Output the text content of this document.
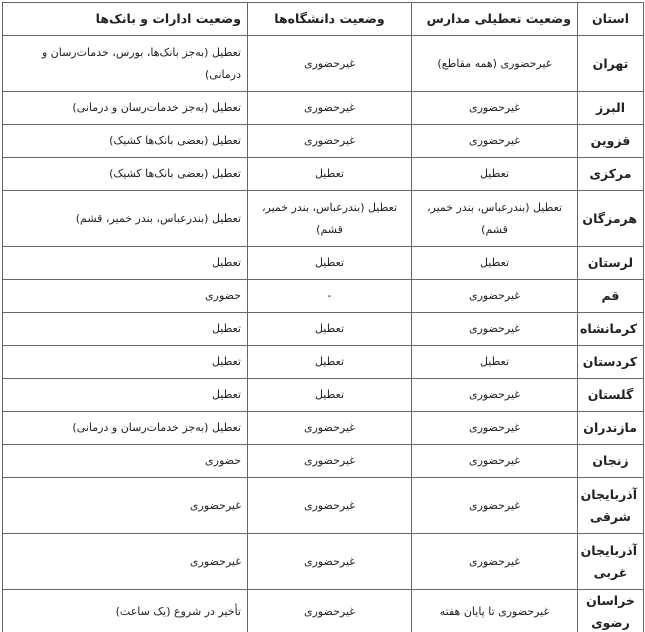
استان	وضعیت تعطیلی مدارس	وضعیت دانشگاه‌ها	وضعیت ادارات و بانک‌ها
تهران	غیرحضوری (همه مقاطع)	غیرحضوری	تعطیل (به‌جز بانک‌ها، بورس، خدمات‌رسان و درمانی)
البرز	غیرحضوری	غیرحضوری	تعطیل (به‌جز خدمات‌رسان و درمانی)
قزوین	غیرحضوری	غیرحضوری	تعطیل (بعضی بانک‌ها کشیک)
مرکزی	تعطیل	تعطیل	تعطیل (بعضی بانک‌ها کشیک)
هرمزگان	تعطیل (بندرعباس، بندر خمیر، قشم)	تعطیل (بندرعباس، بندر خمیر، قشم)	تعطیل (بندرعباس، بندر خمیر، قشم)
لرستان	تعطیل	تعطیل	تعطیل
قم	غیرحضوری	-	حضوری
کرمانشاه	غیرحضوری	تعطیل	تعطیل
کردستان	تعطیل	تعطیل	تعطیل
گلستان	غیرحضوری	تعطیل	تعطیل
مازندران	غیرحضوری	غیرحضوری	تعطیل (به‌جز خدمات‌رسان و درمانی)
زنجان	غیرحضوری	غیرحضوری	حضوری
آذربایجان شرقی	غیرحضوری	غیرحضوری	غیرحضوری
آذربایجان غربی	غیرحضوری	غیرحضوری	غیرحضوری
خراسان رضوی	غیرحضوری تا پایان هفته	غیرحضوری	تأخیر در شروع (یک ساعت)
